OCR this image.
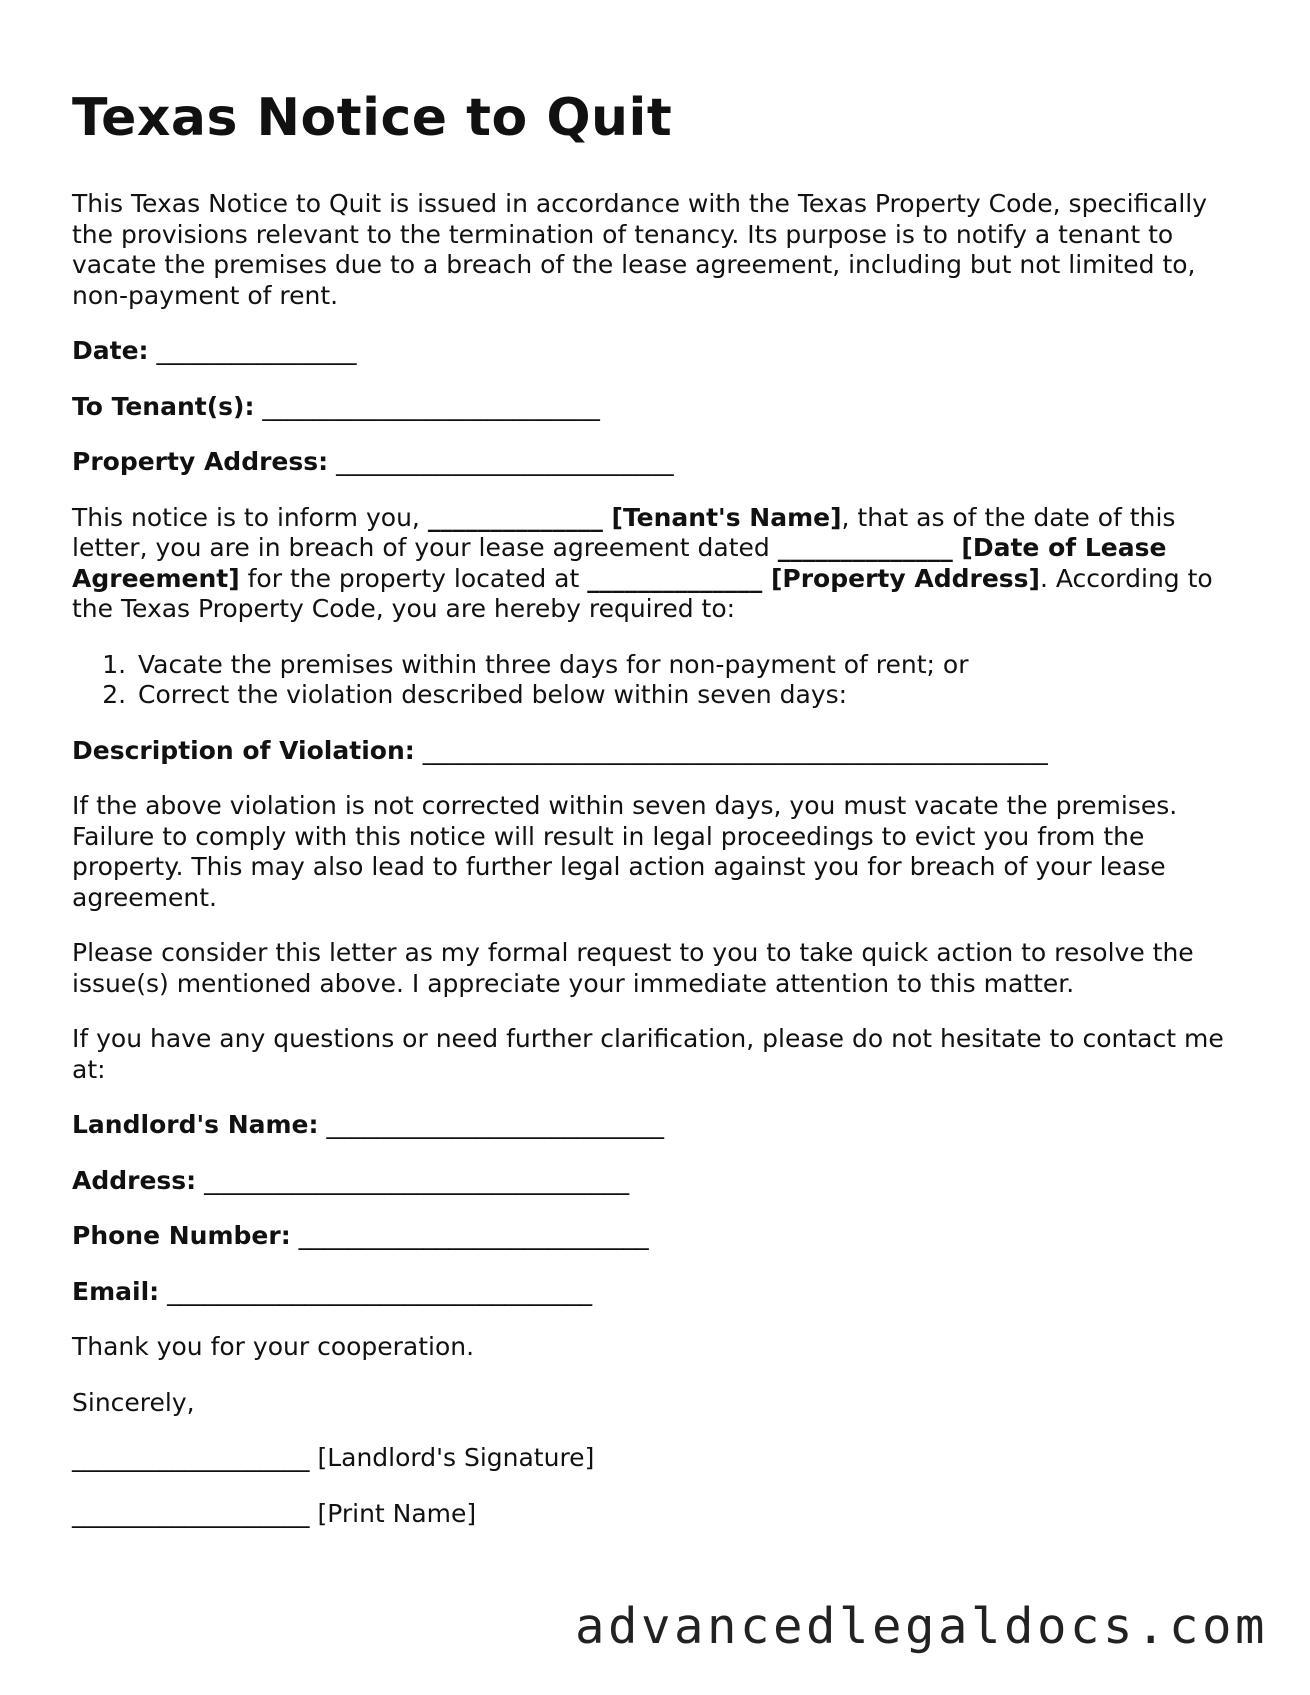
Texas Notice to Quit

This Texas Notice to Quit is issued in accordance with the Texas Property Code, specifically the provisions relevant to the termination of tenancy. Its purpose is to notify a tenant to vacate the premises due to a breach of the lease agreement, including but not limited to, non-payment of rent.

Date: ________________

To Tenant(s): ___________________________

Property Address: ___________________________

This notice is to inform you, ______________ [Tenant's Name], that as of the date of this letter, you are in breach of your lease agreement dated ______________ [Date of Lease Agreement] for the property located at ______________ [Property Address]. According to the Texas Property Code, you are hereby required to:

1. Vacate the premises within three days for non-payment of rent; or
2. Correct the violation described below within seven days:

Description of Violation: __________________________________________________

If the above violation is not corrected within seven days, you must vacate the premises. Failure to comply with this notice will result in legal proceedings to evict you from the property. This may also lead to further legal action against you for breach of your lease agreement.

Please consider this letter as my formal request to you to take quick action to resolve the issue(s) mentioned above. I appreciate your immediate attention to this matter.

If you have any questions or need further clarification, please do not hesitate to contact me at:

Landlord's Name: ___________________________

Address: __________________________________

Phone Number: ____________________________

Email: __________________________________

Thank you for your cooperation.

Sincerely,

___________________ [Landlord's Signature]
___________________ [Print Name]
advancedlegaldocs.com
